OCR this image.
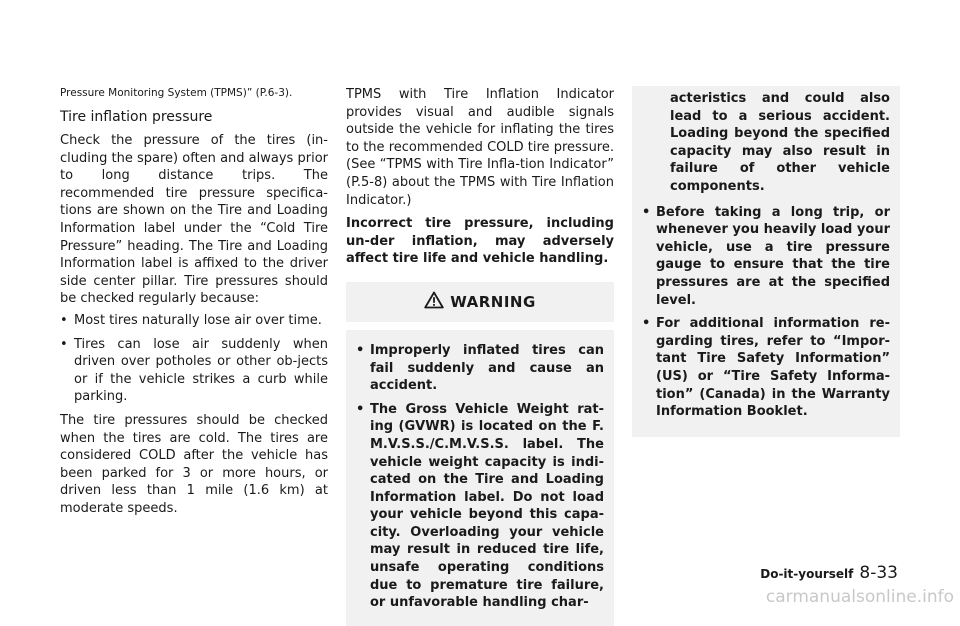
Pressure Monitoring System (TPMS)” (P.6-3).

Tire inflation pressure

Check the pressure of the tires (in-cluding the spare) often and always prior to long distance trips. The recommended tire pressure specifica-tions are shown on the Tire and Loading Information label under the “Cold Tire Pressure” heading. The Tire and Loading Information label is affixed to the driver side center pillar. Tire pressures should be checked regularly because:

• Most tires naturally lose air over time.
• Tires can lose air suddenly when driven over potholes or other ob-jects or if the vehicle strikes a curb while parking.

The tire pressures should be checked when the tires are cold. The tires are considered COLD after the vehicle has been parked for 3 or more hours, or driven less than 1 mile (1.6 km) at moderate speeds.

TPMS with Tire Inflation Indicator provides visual and audible signals outside the vehicle for inflating the tires to the recommended COLD tire pressure. (See “TPMS with Tire Infla-tion Indicator” (P.5-8) about the TPMS with Tire Inflation Indicator.)

Incorrect tire pressure, including un-der inflation, may adversely affect tire life and vehicle handling.

WARNING
• Improperly inflated tires can fail suddenly and cause an accident.
• The Gross Vehicle Weight rat-ing (GVWR) is located on the F. M.V.S.S./C.M.V.S.S. label. The vehicle weight capacity is indi-cated on the Tire and Loading Information label. Do not load your vehicle beyond this capa-city. Overloading your vehicle may result in reduced tire life, unsafe operating conditions due to premature tire failure, or unfavorable handling char-

acteristics and could also lead to a serious accident. Loading beyond the specified capacity may also result in failure of other vehicle components.

• Before taking a long trip, or whenever you heavily load your vehicle, use a tire pressure gauge to ensure that the tire pressures are at the specified level.
• For additional information re-garding tires, refer to “Impor-tant Tire Safety Information” (US) or “Tire Safety Informa-tion” (Canada) in the Warranty Information Booklet.
Do-it-yourself 8-33
carmanualsonline.info
